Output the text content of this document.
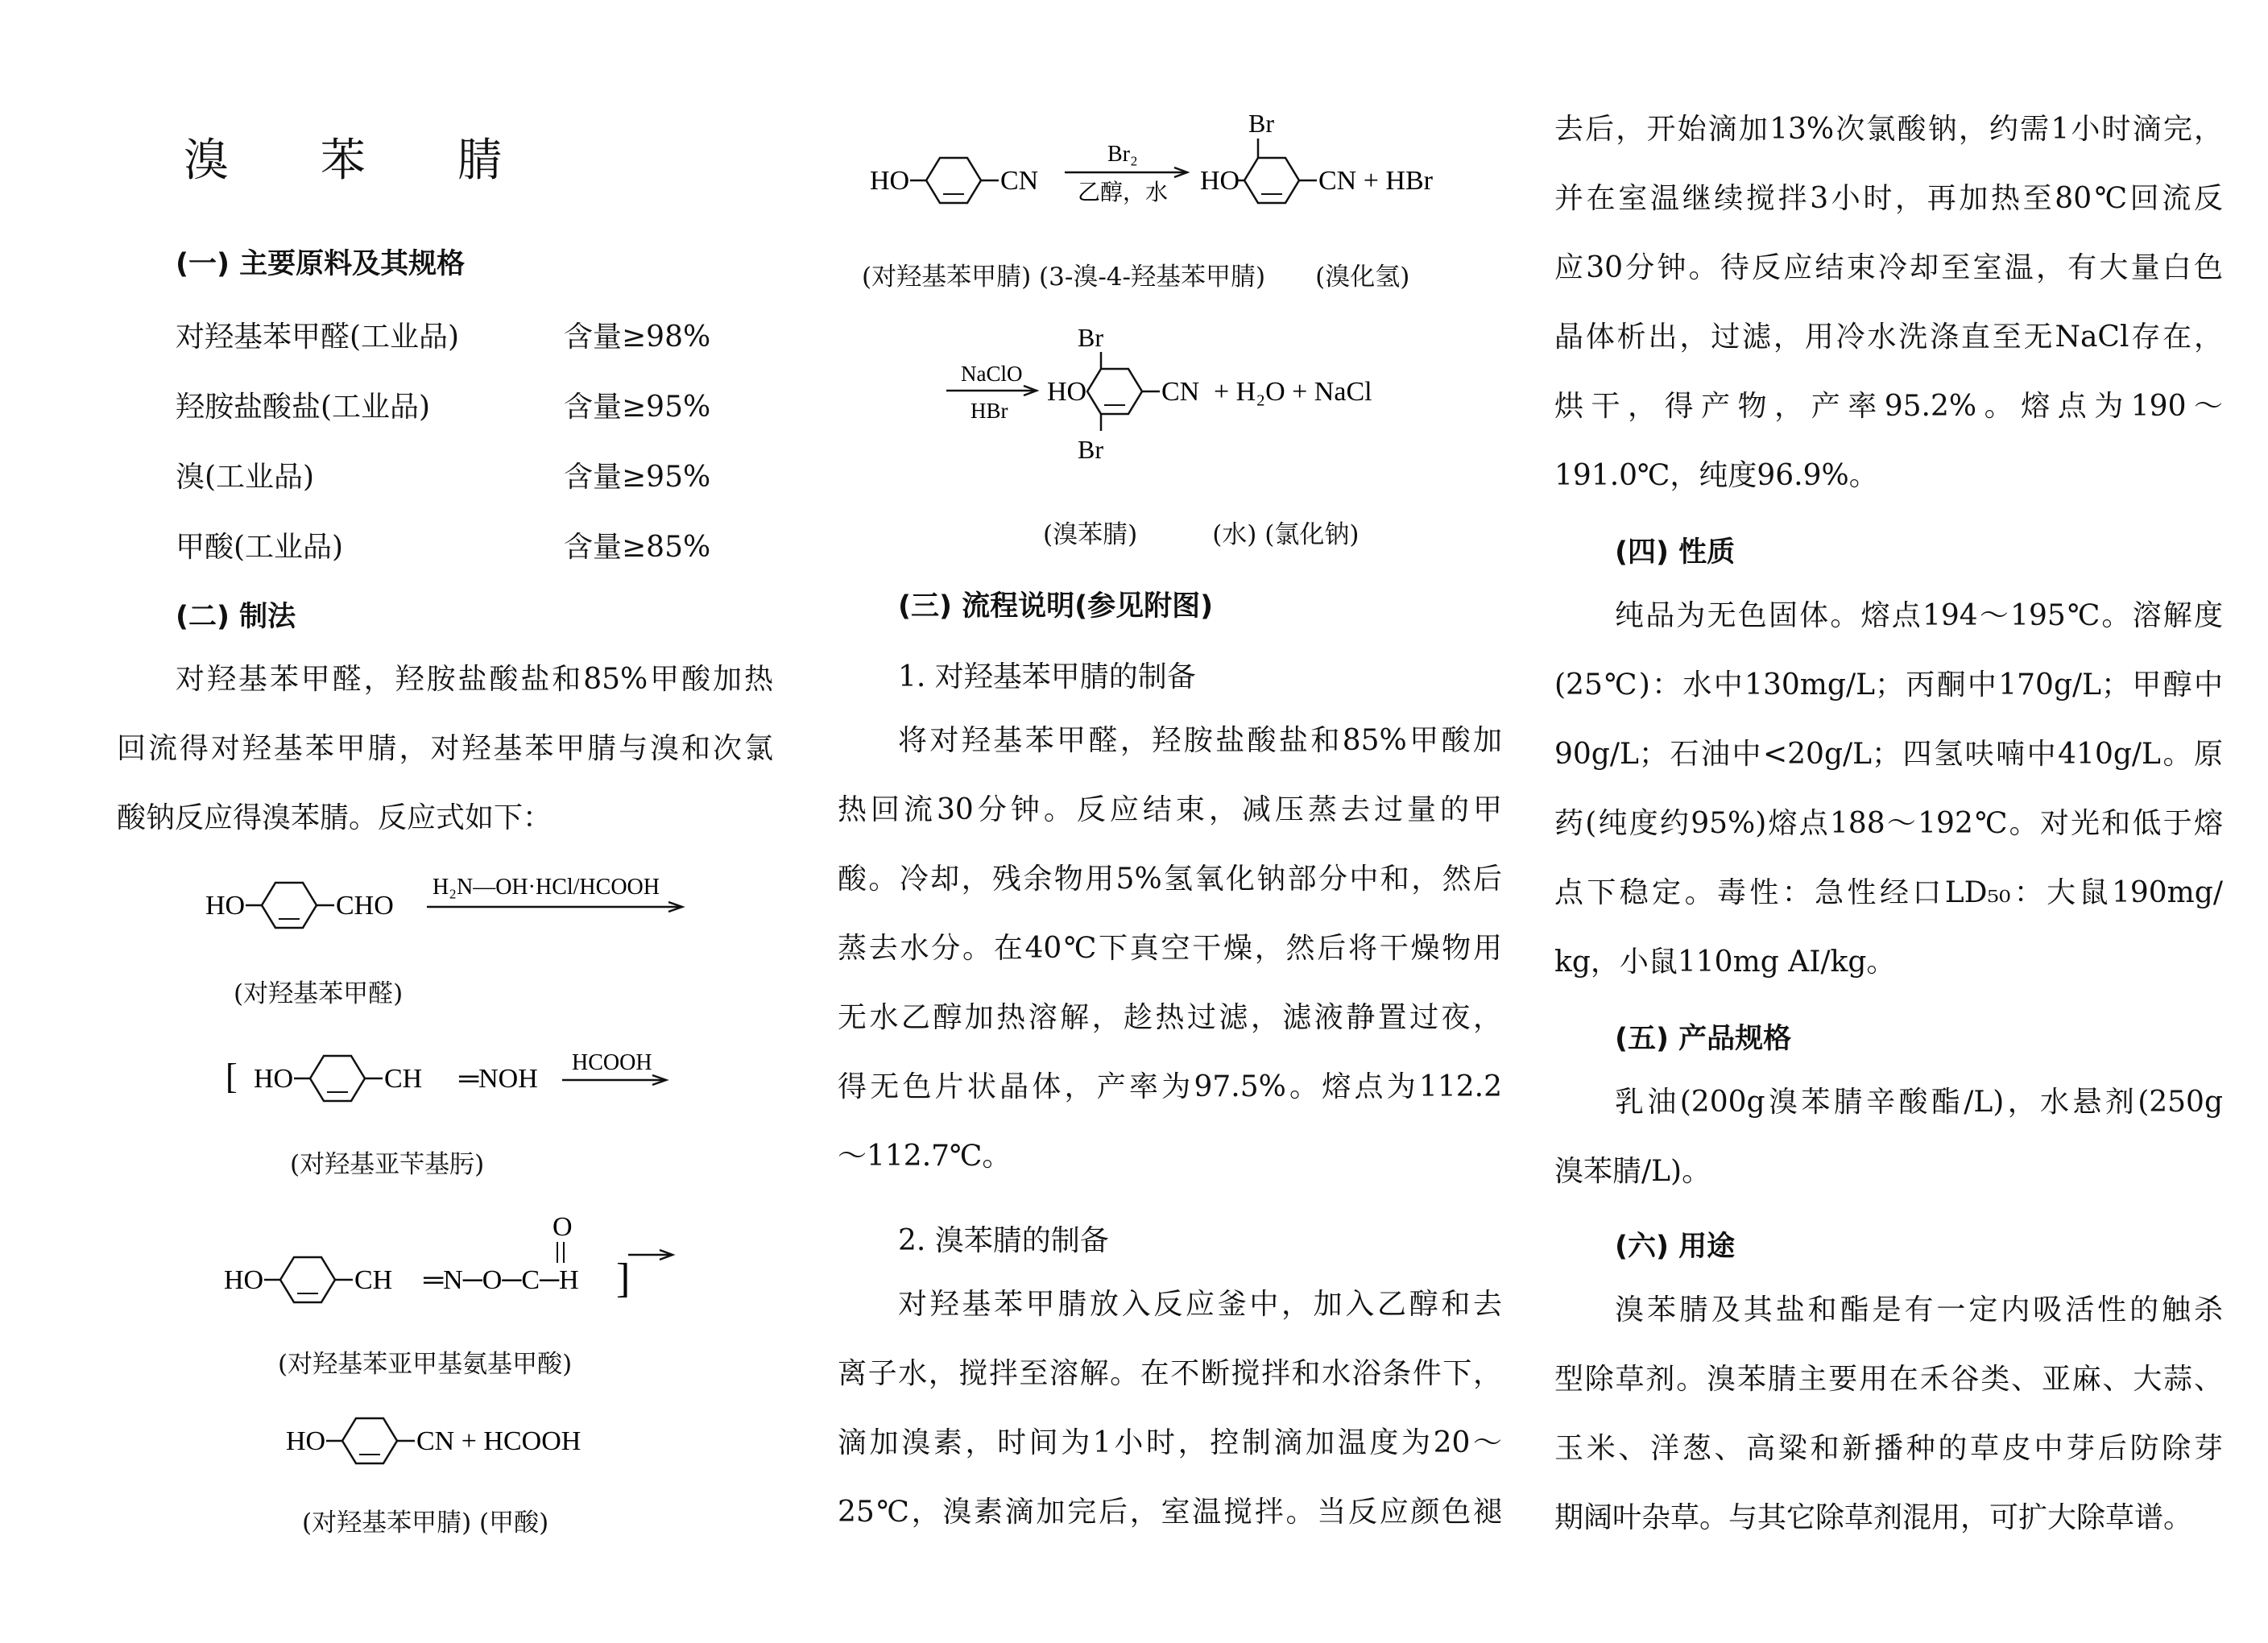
溴 苯 腈
(一) 主要原料及其规格
对羟基苯甲醛(工业品)	含量≥98%
羟胺盐酸盐(工业品)	含量≥95%
溴(工业品)	含量≥95%
甲酸(工业品)	含量≥85%
(二) 制法

对羟基苯甲醛，羟胺盐酸盐和85%甲酸加热

回流得对羟基苯甲腈，对羟基苯甲腈与溴和次氯

酸钠反应得溴苯腈。反应式如下：

HO	CHO
H₂N—OH·HCl/HCOOH
(对羟基苯甲醛)
[ HO	CH ═NOH
HCOOH
(对羟基亚苄基肟)
HO	CH ═N─O─C─H
O
]
(对羟基苯亚甲基氨基甲酸)
HO	CN + HCOOH
(对羟基苯甲腈) (甲酸)
HO	CN
Br₂
乙醇，水
Br
HO	CN + HBr
(对羟基苯甲腈) (3-溴-4-羟基苯甲腈)　　(溴化氢)
NaClO
HBr
Br
HO
Br
CN + H₂O + NaCl
(溴苯腈)　　　(水) (氯化钠)
(三) 流程说明(参见附图)
1. 对羟基苯甲腈的制备

将对羟基苯甲醛，羟胺盐酸盐和85%甲酸加

热回流30分钟。反应结束，减压蒸去过量的甲

酸。冷却，残余物用5%氢氧化钠部分中和，然后

蒸去水分。在40℃下真空干燥，然后将干燥物用

无水乙醇加热溶解，趁热过滤，滤液静置过夜，

得无色片状晶体，产率为97.5%。熔点为112.2

～112.7℃。

2. 溴苯腈的制备

对羟基苯甲腈放入反应釜中，加入乙醇和去

离子水，搅拌至溶解。在不断搅拌和水浴条件下，

滴加溴素，时间为1小时，控制滴加温度为20～

25℃，溴素滴加完后，室温搅拌。当反应颜色褪

去后，开始滴加13%次氯酸钠，约需1小时滴完，

并在室温继续搅拌3小时，再加热至80℃回流反

应30分钟。待反应结束冷却至室温，有大量白色

晶体析出，过滤，用冷水洗涤直至无NaCl存在，

烘干，得产物，产率95.2%。熔点为190～

191.0℃，纯度96.9%。

(四) 性质

纯品为无色固体。熔点194～195℃。溶解度

(25℃)：水中130mg/L；丙酮中170g/L；甲醇中

90g/L；石油中<20g/L；四氢呋喃中410g/L。原

药(纯度约95%)熔点188～192℃。对光和低于熔

点下稳定。毒性：急性经口LD₅₀：大鼠190mg/

kg，小鼠110mg AI/kg。

(五) 产品规格

乳油(200g溴苯腈辛酸酯/L)，水悬剂(250g

溴苯腈/L)。

(六) 用途

溴苯腈及其盐和酯是有一定内吸活性的触杀

型除草剂。溴苯腈主要用在禾谷类、亚麻、大蒜、

玉米、洋葱、高粱和新播种的草皮中芽后防除芽

期阔叶杂草。与其它除草剂混用，可扩大除草谱。
